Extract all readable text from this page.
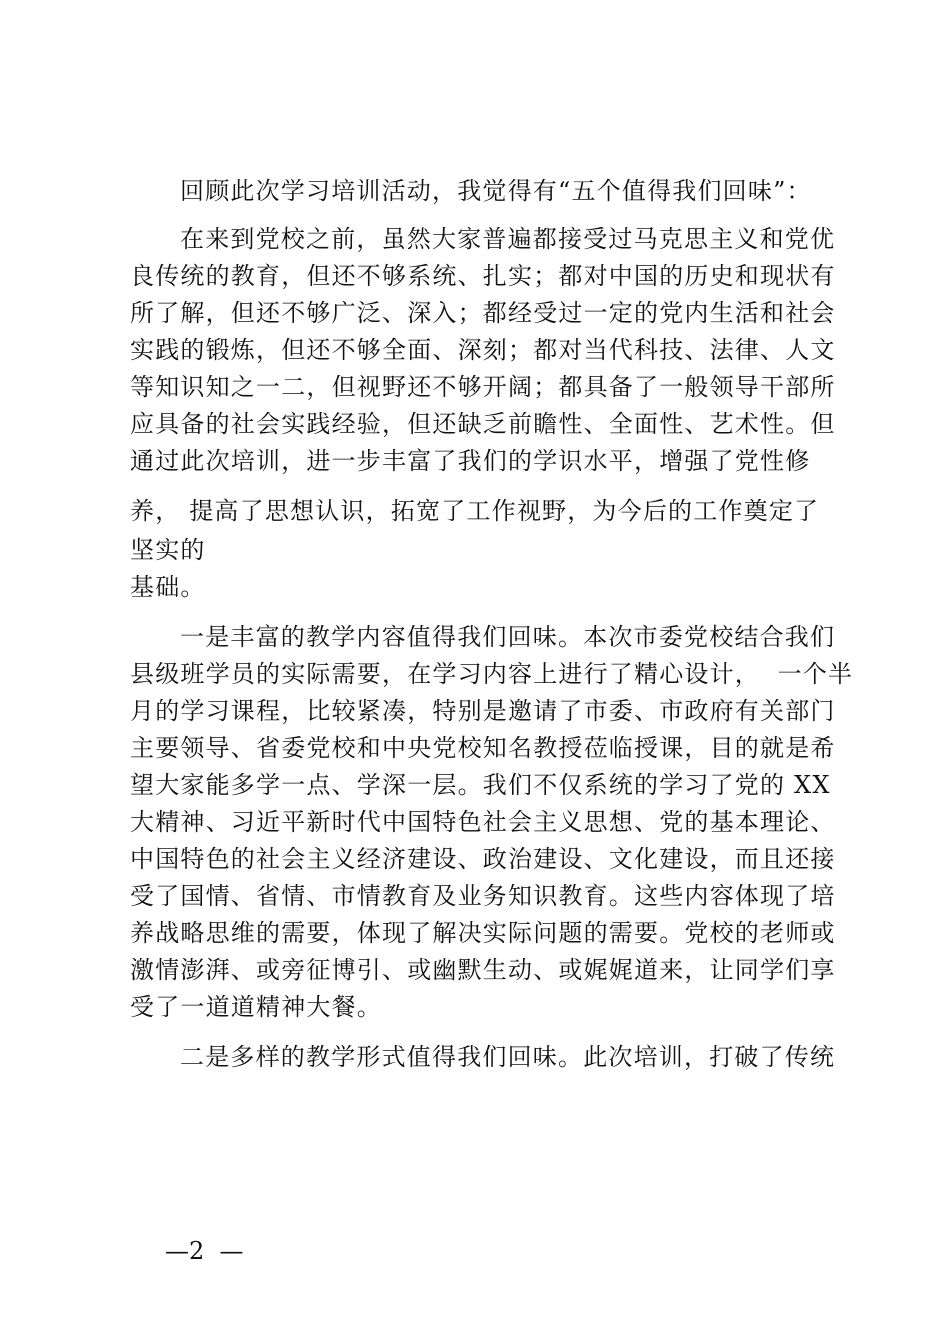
回顾此次学习培训活动，我觉得有“五个值得我们回味”：
在来到党校之前，虽然大家普遍都接受过马克思主义和党优
良传统的教育，但还不够系统、扎实；都对中国的历史和现状有
所了解，但还不够广泛、深入；都经受过一定的党内生活和社会
实践的锻炼，但还不够全面、深刻；都对当代科技、法律、人文
等知识知之一二，但视野还不够开阔；都具备了一般领导干部所
应具备的社会实践经验，但还缺乏前瞻性、全面性、艺术性。但
通过此次培训，进一步丰富了我们的学识水平，增强了党性修
养， 提高了思想认识，拓宽了工作视野，为今后的工作奠定了
坚实的
基础。
一是丰富的教学内容值得我们回味。本次市委党校结合我们
县级班学员的实际需要，在学习内容上进行了精心设计，  一个半
月的学习课程，比较紧凑，特别是邀请了市委、市政府有关部门
主要领导、省委党校和中央党校知名教授莅临授课，目的就是希
望大家能多学一点、学深一层。我们不仅系统的学习了党的 XX
大精神、习近平新时代中国特色社会主义思想、党的基本理论、
中国特色的社会主义经济建设、政治建设、文化建设，而且还接
受了国情、省情、市情教育及业务知识教育。这些内容体现了培
养战略思维的需要，体现了解决实际问题的需要。党校的老师或
激情澎湃、或旁征博引、或幽默生动、或娓娓道来，让同学们享
受了一道道精神大餐。
二是多样的教学形式值得我们回味。此次培训，打破了传统
—2  —
